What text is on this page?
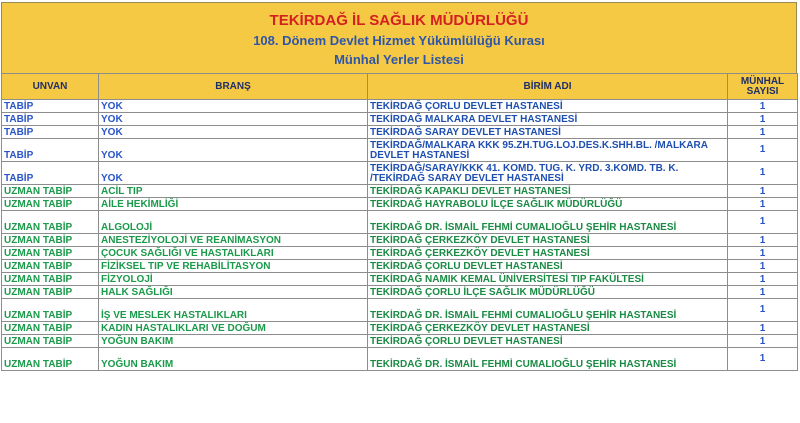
TEKİRDAĞ İL SAĞLIK MÜDÜRLÜĞÜ
108. Dönem Devlet Hizmet Yükümlülüğü Kurası
Münhal Yerler Listesi
UNVAN	BRANŞ	BİRİM ADI	MÜNHAL SAYISI
TABİP	YOK	TEKİRDAĞ ÇORLU DEVLET HASTANESİ	1
TABİP	YOK	TEKİRDAĞ MALKARA DEVLET HASTANESİ	1
TABİP	YOK	TEKİRDAĞ SARAY DEVLET HASTANESİ	1
TABİP	YOK	TEKİRDAĞ/MALKARA KKK 95.ZH.TUG.LOJ.DES.K.SHH.BL. /MALKARA DEVLET HASTANESİ	1
TABİP	YOK	TEKİRDAĞ/SARAY/KKK 41. KOMD. TUG. K. YRD. 3.KOMD. TB. K. /TEKİRDAĞ SARAY DEVLET HASTANESİ	1
UZMAN TABİP	ACİL TIP	TEKİRDAĞ KAPAKLI DEVLET HASTANESİ	1
UZMAN TABİP	AİLE HEKİMLİĞİ	TEKİRDAĞ HAYRABOLU İLÇE SAĞLIK MÜDÜRLÜĞÜ	1
UZMAN TABİP	ALGOLOJİ	TEKİRDAĞ DR. İSMAİL FEHMİ CUMALIOĞLU ŞEHİR HASTANESİ	1
UZMAN TABİP	ANESTEZİYOLOJİ VE REANİMASYON	TEKİRDAĞ ÇERKEZKÖY DEVLET HASTANESİ	1
UZMAN TABİP	ÇOCUK SAĞLIĞI VE HASTALIKLARI	TEKİRDAĞ ÇERKEZKÖY DEVLET HASTANESİ	1
UZMAN TABİP	FİZİKSEL TIP VE REHABİLİTASYON	TEKİRDAĞ ÇORLU DEVLET HASTANESİ	1
UZMAN TABİP	FİZYOLOJİ	TEKİRDAĞ NAMIK KEMAL ÜNİVERSİTESİ TIP FAKÜLTESİ	1
UZMAN TABİP	HALK SAĞLIĞI	TEKİRDAĞ ÇORLU İLÇE SAĞLIK MÜDÜRLÜĞÜ	1
UZMAN TABİP	İŞ VE MESLEK HASTALIKLARI	TEKİRDAĞ DR. İSMAİL FEHMİ CUMALIOĞLU ŞEHİR HASTANESİ	1
UZMAN TABİP	KADIN HASTALIKLARI VE DOĞUM	TEKİRDAĞ ÇERKEZKÖY DEVLET HASTANESİ	1
UZMAN TABİP	YOĞUN BAKIM	TEKİRDAĞ ÇORLU DEVLET HASTANESİ	1
UZMAN TABİP	YOĞUN BAKIM	TEKİRDAĞ DR. İSMAİL FEHMİ CUMALIOĞLU ŞEHİR HASTANESİ	1
